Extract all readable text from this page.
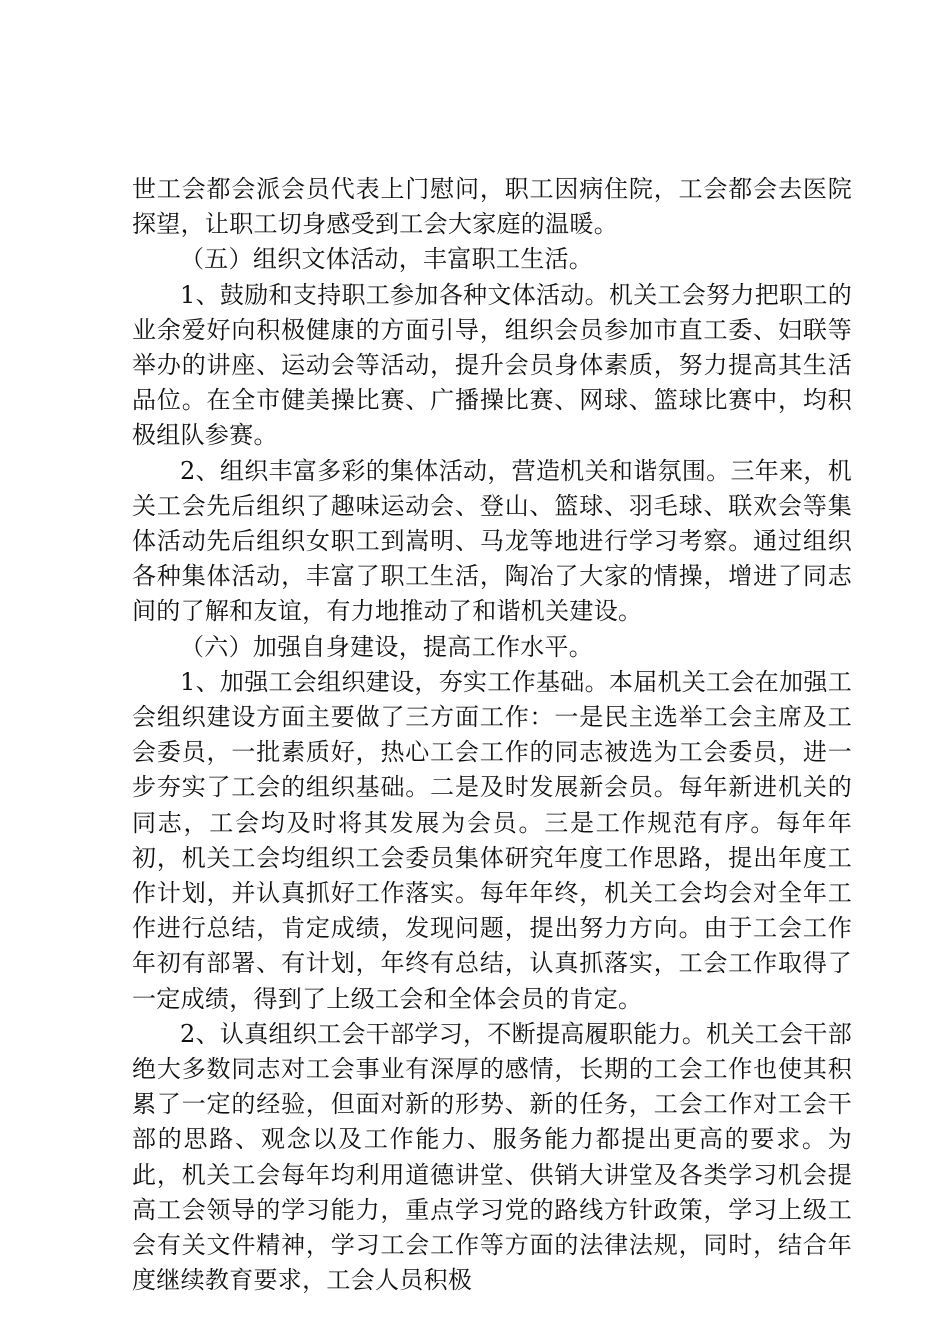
世工会都会派会员代表上门慰问，职工因病住院，工会都会去医院探望，让职工切身感受到工会大家庭的温暖。

（五）组织文体活动，丰富职工生活。

1、鼓励和支持职工参加各种文体活动。机关工会努力把职工的业余爱好向积极健康的方面引导，组织会员参加市直工委、妇联等举办的讲座、运动会等活动，提升会员身体素质，努力提高其生活品位。在全市健美操比赛、广播操比赛、网球、篮球比赛中，均积极组队参赛。

2、组织丰富多彩的集体活动，营造机关和谐氛围。三年来，机关工会先后组织了趣味运动会、登山、篮球、羽毛球、联欢会等集体活动先后组织女职工到嵩明、马龙等地进行学习考察。通过组织各种集体活动，丰富了职工生活，陶冶了大家的情操，增进了同志间的了解和友谊，有力地推动了和谐机关建设。

（六）加强自身建设，提高工作水平。

1、加强工会组织建设，夯实工作基础。本届机关工会在加强工会组织建设方面主要做了三方面工作：一是民主选举工会主席及工会委员，一批素质好，热心工会工作的同志被选为工会委员，进一步夯实了工会的组织基础。二是及时发展新会员。每年新进机关的同志，工会均及时将其发展为会员。三是工作规范有序。每年年初，机关工会均组织工会委员集体研究年度工作思路，提出年度工作计划，并认真抓好工作落实。每年年终，机关工会均会对全年工作进行总结，肯定成绩，发现问题，提出努力方向。由于工会工作年初有部署、有计划，年终有总结，认真抓落实，工会工作取得了一定成绩，得到了上级工会和全体会员的肯定。

2、认真组织工会干部学习，不断提高履职能力。机关工会干部绝大多数同志对工会事业有深厚的感情，长期的工会工作也使其积累了一定的经验，但面对新的形势、新的任务，工会工作对工会干部的思路、观念以及工作能力、服务能力都提出更高的要求。为此，机关工会每年均利用道德讲堂、供销大讲堂及各类学习机会提高工会领导的学习能力，重点学习党的路线方针政策，学习上级工会有关文件精神，学习工会工作等方面的法律法规，同时，结合年度继续教育要求，工会人员积极
